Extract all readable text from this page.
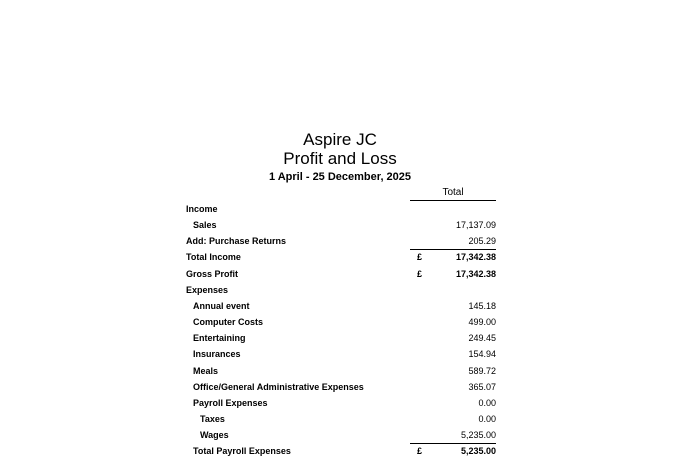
Aspire JC
Profit and Loss
1 April - 25 December, 2025
Total
Income
Sales	17,137.09
Add: Purchase Returns	205.29
Total Income	£	17,342.38
Gross Profit	£	17,342.38
Expenses
Annual event	145.18
Computer Costs	499.00
Entertaining	249.45
Insurances	154.94
Meals	589.72
Office/General Administrative Expenses	365.07
Payroll Expenses	0.00
Taxes	0.00
Wages	5,235.00
Total Payroll Expenses	£	5,235.00
